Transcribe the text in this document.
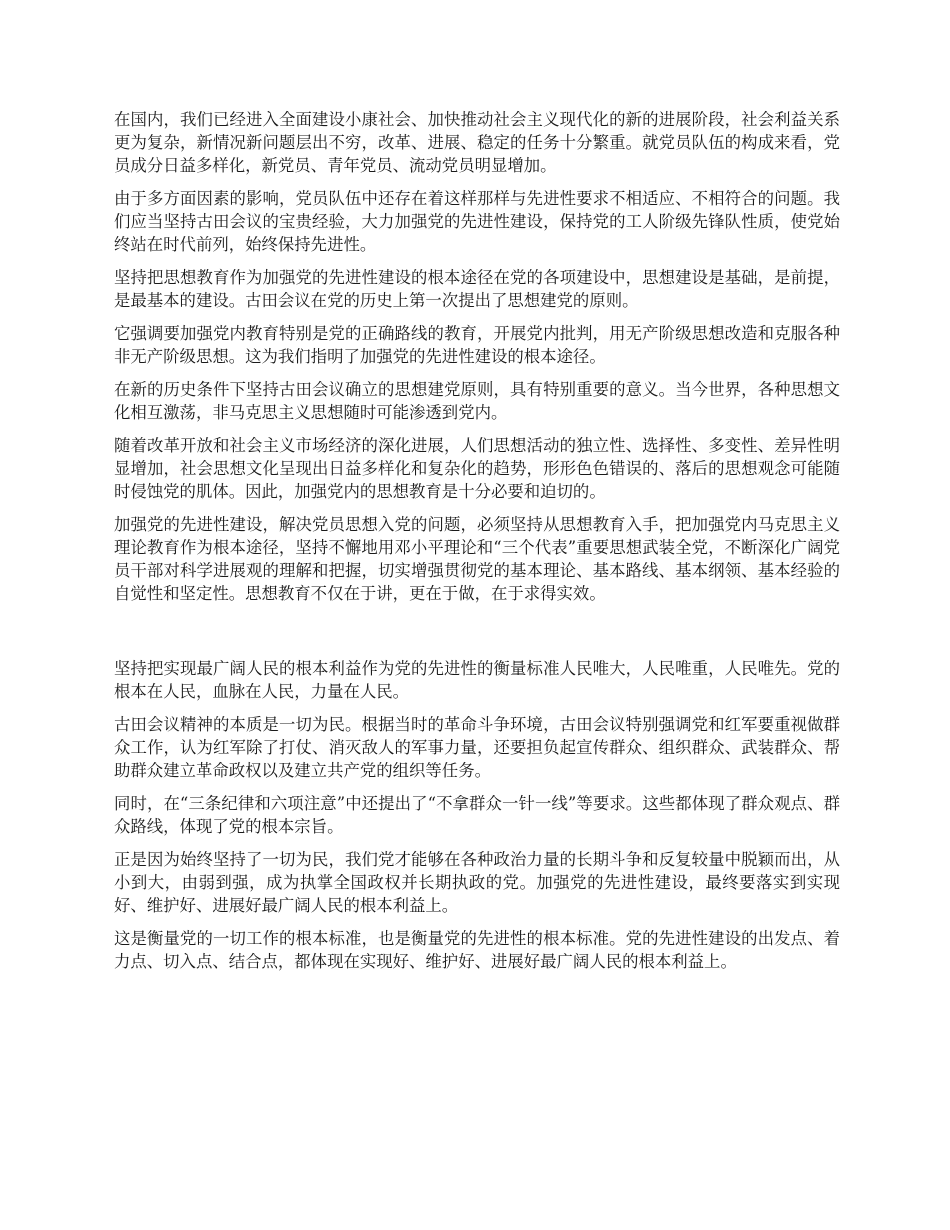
在国内，我们已经进入全面建设小康社会、加快推动社会主义现代化的新的进展阶段，社会利益关系更为复杂，新情况新问题层出不穷，改革、进展、稳定的任务十分繁重。就党员队伍的构成来看，党员成分日益多样化，新党员、青年党员、流动党员明显增加。

由于多方面因素的影响，党员队伍中还存在着这样那样与先进性要求不相适应、不相符合的问题。我们应当坚持古田会议的宝贵经验，大力加强党的先进性建设，保持党的工人阶级先锋队性质，使党始终站在时代前列，始终保持先进性。

坚持把思想教育作为加强党的先进性建设的根本途径在党的各项建设中，思想建设是基础，是前提，是最基本的建设。古田会议在党的历史上第一次提出了思想建党的原则。

它强调要加强党内教育特别是党的正确路线的教育，开展党内批判，用无产阶级思想改造和克服各种非无产阶级思想。这为我们指明了加强党的先进性建设的根本途径。

在新的历史条件下坚持古田会议确立的思想建党原则，具有特别重要的意义。当今世界，各种思想文化相互激荡，非马克思主义思想随时可能渗透到党内。

随着改革开放和社会主义市场经济的深化进展，人们思想活动的独立性、选择性、多变性、差异性明显增加，社会思想文化呈现出日益多样化和复杂化的趋势，形形色色错误的、落后的思想观念可能随时侵蚀党的肌体。因此，加强党内的思想教育是十分必要和迫切的。

加强党的先进性建设，解决党员思想入党的问题，必须坚持从思想教育入手，把加强党内马克思主义理论教育作为根本途径，坚持不懈地用邓小平理论和“三个代表”重要思想武装全党，不断深化广阔党员干部对科学进展观的理解和把握，切实增强贯彻党的基本理论、基本路线、基本纲领、基本经验的自觉性和坚定性。思想教育不仅在于讲，更在于做，在于求得实效。

坚持把实现最广阔人民的根本利益作为党的先进性的衡量标准人民唯大，人民唯重，人民唯先。党的根本在人民，血脉在人民，力量在人民。

古田会议精神的本质是一切为民。根据当时的革命斗争环境，古田会议特别强调党和红军要重视做群众工作，认为红军除了打仗、消灭敌人的军事力量，还要担负起宣传群众、组织群众、武装群众、帮助群众建立革命政权以及建立共产党的组织等任务。

同时，在“三条纪律和六项注意”中还提出了“不拿群众一针一线”等要求。这些都体现了群众观点、群众路线，体现了党的根本宗旨。

正是因为始终坚持了一切为民，我们党才能够在各种政治力量的长期斗争和反复较量中脱颖而出，从小到大，由弱到强，成为执掌全国政权并长期执政的党。加强党的先进性建设，最终要落实到实现好、维护好、进展好最广阔人民的根本利益上。

这是衡量党的一切工作的根本标准，也是衡量党的先进性的根本标准。党的先进性建设的出发点、着力点、切入点、结合点，都体现在实现好、维护好、进展好最广阔人民的根本利益上。
